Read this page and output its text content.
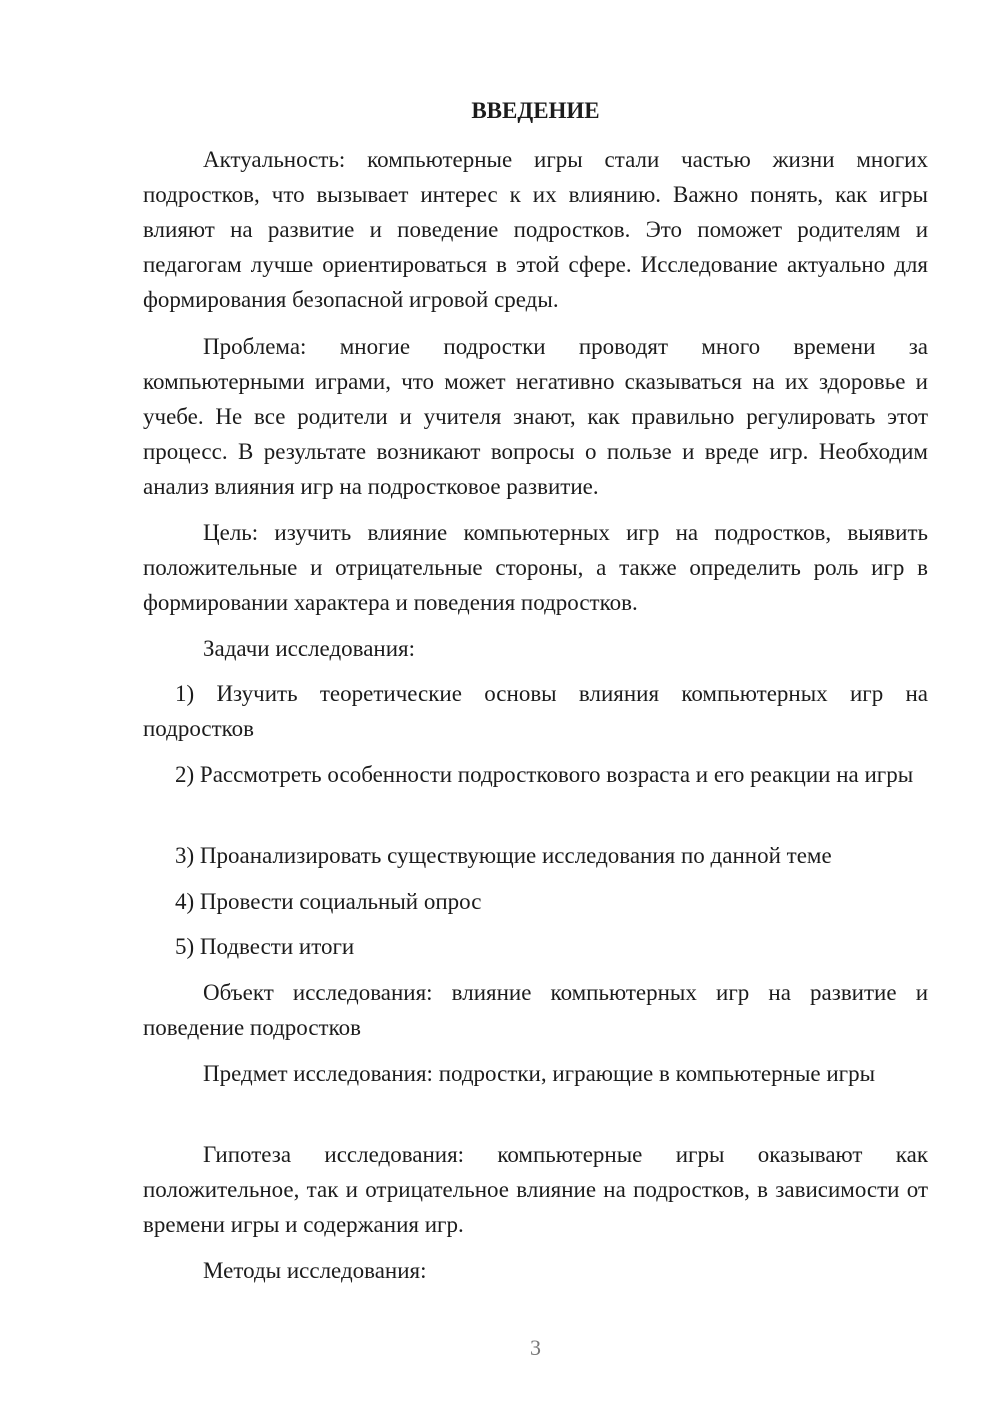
ВВЕДЕНИЕ

Актуальность: компьютерные игры стали частью жизни многих подростков, что вызывает интерес к их влиянию. Важно понять, как игры влияют на развитие и поведение подростков. Это поможет родителям и педагогам лучше ориентироваться в этой сфере. Исследование актуально для формирования безопасной игровой среды.

Проблема: многие подростки проводят много времени за компьютерными играми, что может негативно сказываться на их здоровье и учебе. Не все родители и учителя знают, как правильно регулировать этот процесс. В результате возникают вопросы о пользе и вреде игр. Необходим анализ влияния игр на подростковое развитие.

Цель: изучить влияние компьютерных игр на подростков, выявить положительные и отрицательные стороны, а также определить роль игр в формировании характера и поведения подростков.

Задачи исследования:

1) Изучить теоретические основы влияния компьютерных игр на подростков

2) Рассмотреть особенности подросткового возраста и его реакции на игры

3) Проанализировать существующие исследования по данной теме

4) Провести социальный опрос

5) Подвести итоги

Объект исследования: влияние компьютерных игр на развитие и поведение подростков

Предмет исследования: подростки, играющие в компьютерные игры

Гипотеза исследования: компьютерные игры оказывают как положительное, так и отрицательное влияние на подростков, в зависимости от времени игры и содержания игр.

Методы исследования:

3
